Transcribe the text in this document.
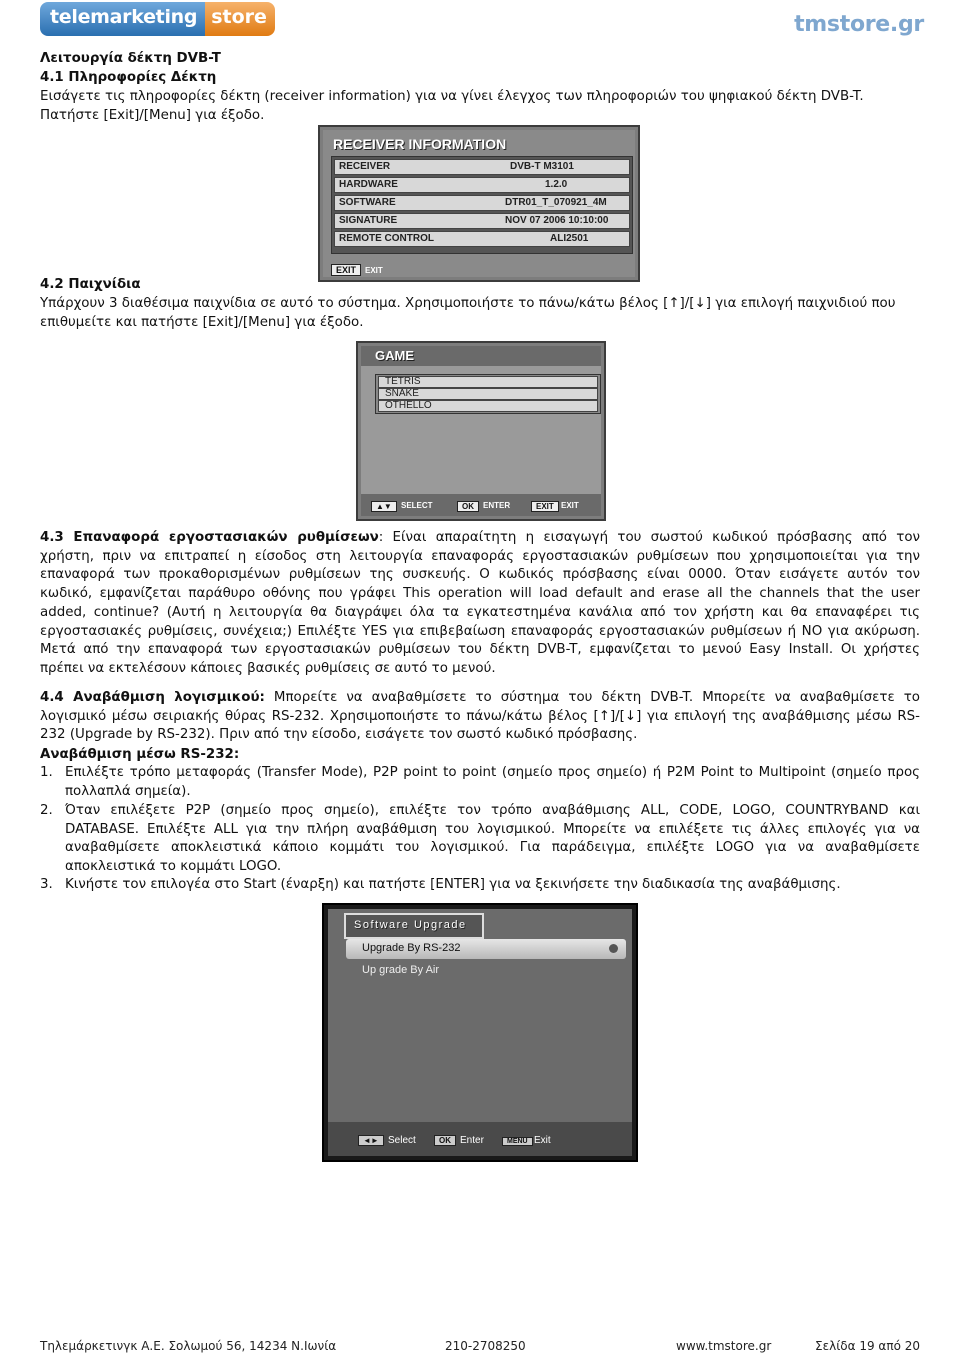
telemarketing store	tmstore.gr
Λειτουργία δέκτη DVB-T
4.1 Πληροφορίες Δέκτη
Εισάγετε τις πληροφορίες δέκτη (receiver information) για να γίνει έλεγχος των πληροφοριών του ψηφιακού δέκτη DVB-T.
Πατήστε [Exit]/[Menu] για έξοδο.
RECEIVER INFORMATION
RECEIVER	DVB-T M3101
HARDWARE	1.2.0
SOFTWARE	DTR01_T_070921_4M
SIGNATURE	NOV 07 2006 10:10:00
REMOTE CONTROL	ALI2501
EXIT	EXIT
4.2 Παιχνίδια
Υπάρχουν 3 διαθέσιμα παιχνίδια σε αυτό το σύστημα. Χρησιμοποιήστε το πάνω/κάτω βέλος [↑]/[↓] για επιλογή παιχνιδιού που
επιθυμείτε και πατήστε [Exit]/[Menu] για έξοδο.
GAME
TETRIS
SNAKE
OTHELLO
▲▼	SELECT	OK	ENTER	EXIT EXIT
4.3 Επαναφορά εργοστασιακών ρυθμίσεων: Είναι απαραίτητη η εισαγωγή του σωστού κωδικού πρόσβασης από τον
χρήστη, πριν να επιτραπεί η είσοδος στη λειτουργία επαναφοράς εργοστασιακών ρυθμίσεων που χρησιμοποιείται για την
επαναφορά των προκαθορισμένων ρυθμίσεων της συσκευής. Ο κωδικός πρόσβασης είναι 0000. Όταν εισάγετε αυτόν τον
κωδικό, εμφανίζεται παράθυρο οθόνης που γράφει This operation will load default and erase all the channels that the user
added, continue? (Αυτή η λειτουργία θα διαγράψει όλα τα εγκατεστημένα κανάλια από τον χρήστη και θα επαναφέρει τις
εργοστασιακές ρυθμίσεις, συνέχεια;) Επιλέξτε YES για επιβεβαίωση επαναφοράς εργοστασιακών ρυθμίσεων ή NO για ακύρωση.
Μετά από την επαναφορά των εργοστασιακών ρυθμίσεων του δέκτη DVB-T, εμφανίζεται το μενού Easy Install. Οι χρήστες
πρέπει να εκτελέσουν κάποιες βασικές ρυθμίσεις σε αυτό το μενού.
4.4 Αναβάθμιση λογισμικού: Μπορείτε να αναβαθμίσετε το σύστημα του δέκτη DVB-T. Μπορείτε να αναβαθμίσετε το
λογισμικό μέσω σειριακής θύρας RS-232. Χρησιμοποιήστε το πάνω/κάτω βέλος [↑]/[↓] για επιλογή της αναβάθμισης μέσω RS-
232 (Upgrade by RS-232). Πριν από την είσοδο, εισάγετε τον σωστό κωδικό πρόσβασης.
Αναβάθμιση μέσω RS-232:
1. Επιλέξτε τρόπο μεταφοράς (Transfer Mode), P2P point to point (σημείο προς σημείο) ή P2M Point to Multipoint (σημείο προς
πολλαπλά σημεία).
2. Όταν επιλέξετε P2P (σημείο προς σημείο), επιλέξτε τον τρόπο αναβάθμισης ALL, CODE, LOGO, COUNTRYBAND και
DATABASE. Επιλέξτε ALL για την πλήρη αναβάθμιση του λογισμικού. Μπορείτε να επιλέξετε τις άλλες επιλογές για να
αναβαθμίσετε αποκλειστικά κάποιο κομμάτι του λογισμικού. Για παράδειγμα, επιλέξτε LOGO για να αναβαθμίσετε
αποκλειστικά το κομμάτι LOGO.
3. Κινήστε τον επιλογέα στο Start (έναρξη) και πατήστε [ENTER] για να ξεκινήσετε την διαδικασία της αναβάθμισης.
Software Upgrade
Upgrade By RS-232
Up grade By Air
◄► Select	OK Enter	MENU Exit
Τηλεμάρκετινγκ Α.Ε. Σολωμού 56, 14234 Ν.Ιωνία	210-2708250	www.tmstore.gr	Σελίδα 19 από 20
